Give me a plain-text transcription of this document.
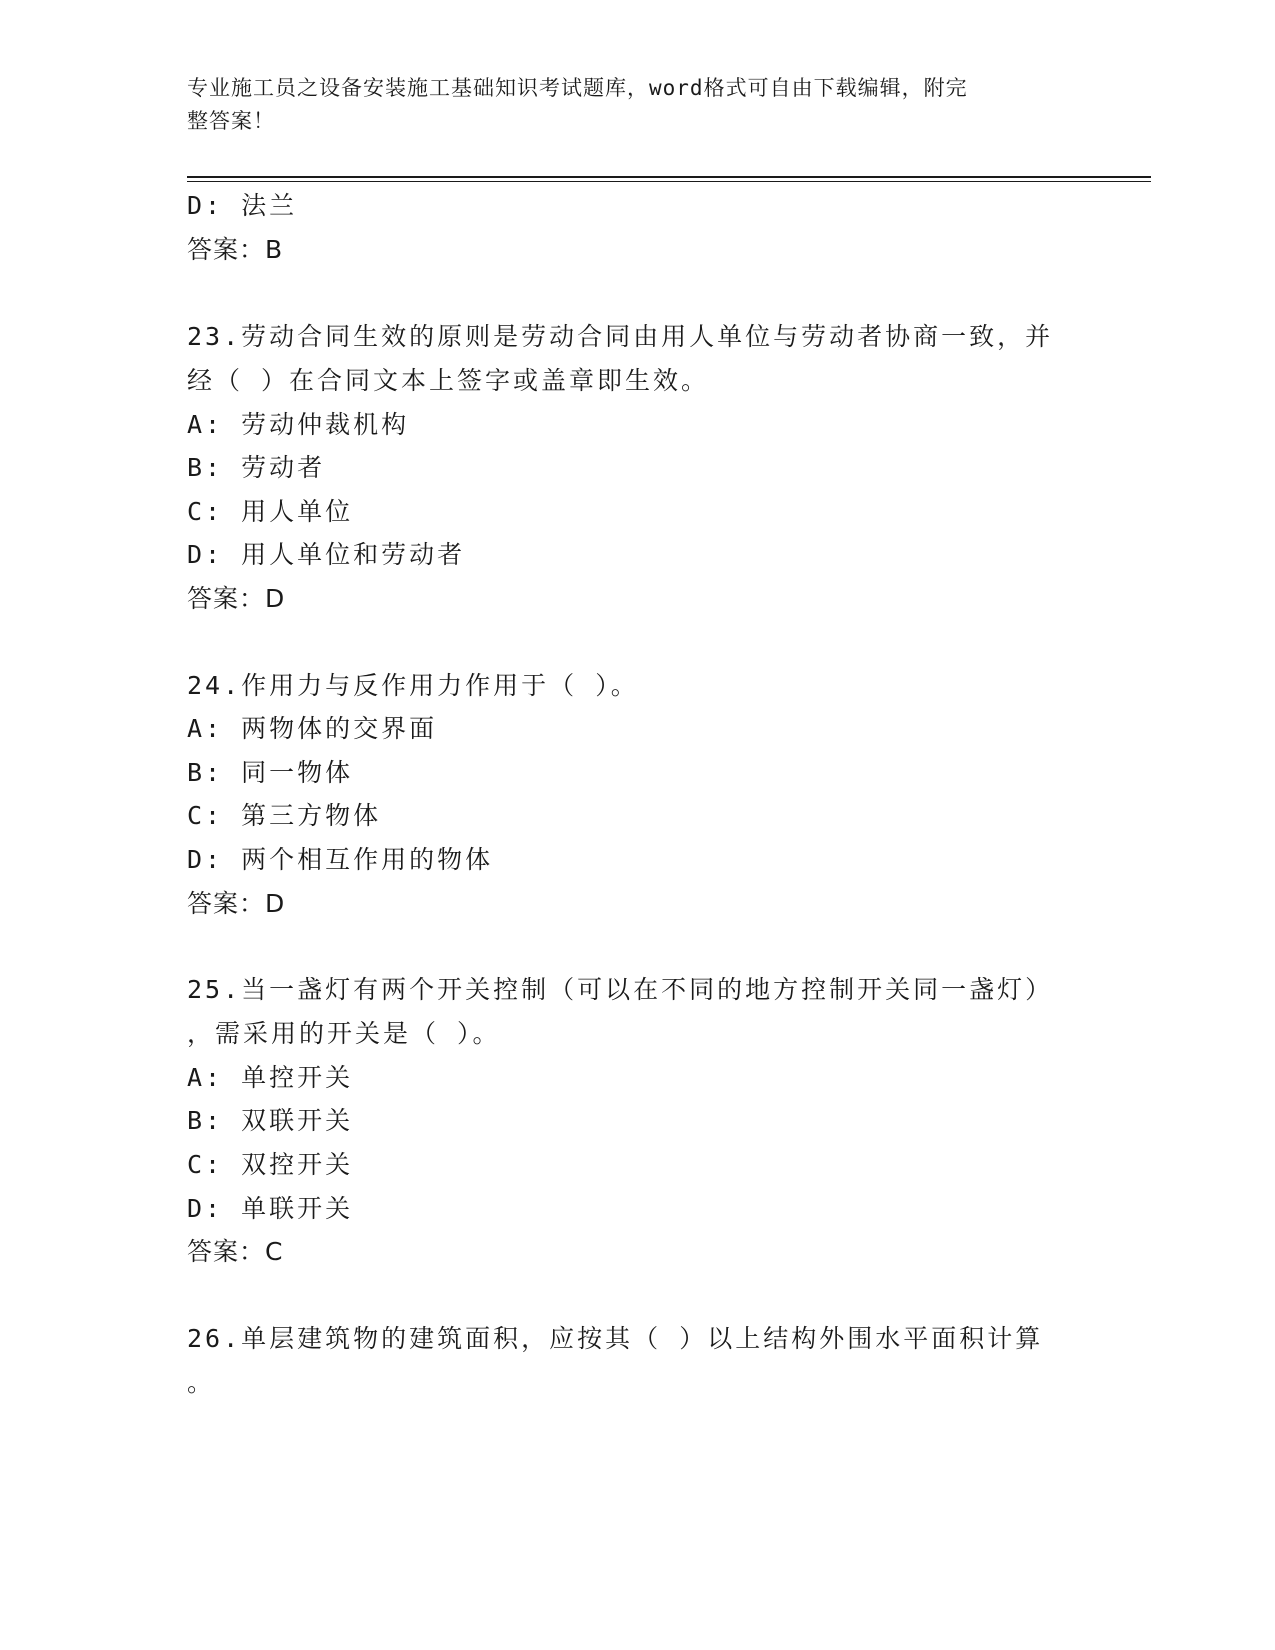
专业施工员之设备安装施工基础知识考试题库，word格式可自由下载编辑，附完
整答案！
D: 法兰
答案：B
23.劳动合同生效的原则是劳动合同由用人单位与劳动者协商一致，并
经（ ）在合同文本上签字或盖章即生效。
A: 劳动仲裁机构
B: 劳动者
C: 用人单位
D: 用人单位和劳动者
答案：D
24.作用力与反作用力作用于（ ）。
A: 两物体的交界面
B: 同一物体
C: 第三方物体
D: 两个相互作用的物体
答案：D
25.当一盏灯有两个开关控制（可以在不同的地方控制开关同一盏灯）
，需采用的开关是（ ）。
A: 单控开关
B: 双联开关
C: 双控开关
D: 单联开关
答案：C
26.单层建筑物的建筑面积，应按其（ ）以上结构外围水平面积计算
。
